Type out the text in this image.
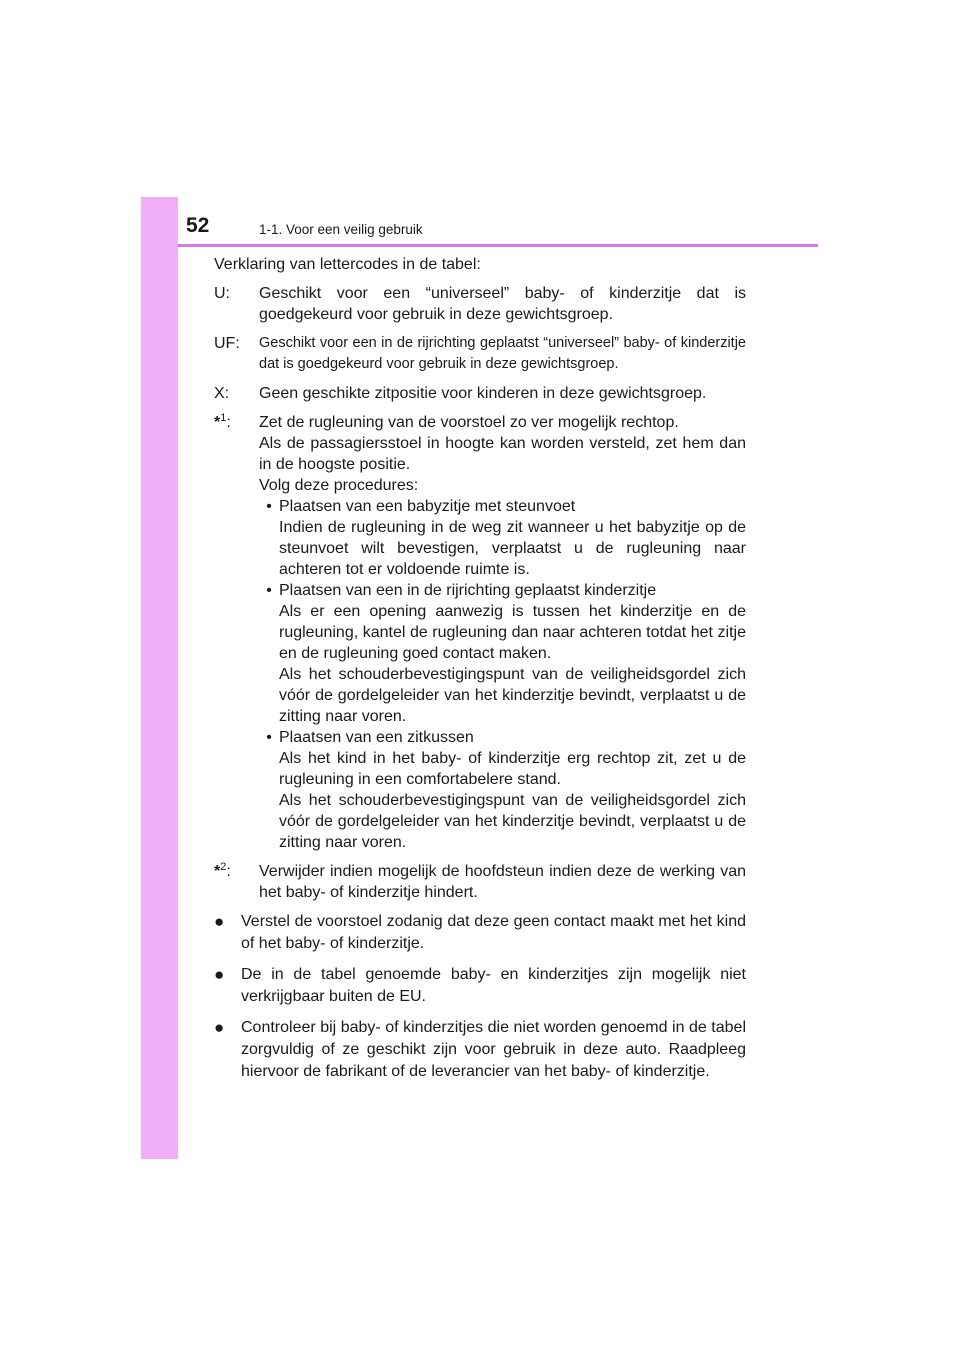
52	1-1. Voor een veilig gebruik

Verklaring van lettercodes in de tabel:

U:	Geschikt voor een “universeel” baby- of kinderzitje dat is goedgekeurd voor gebruik in deze gewichtsgroep.
UF:	Geschikt voor een in de rijrichting geplaatst “universeel” baby- of kinderzitje dat is goedgekeurd voor gebruik in deze gewichtsgroep.
X:	Geen geschikte zitpositie voor kinderen in deze gewichtsgroep.
*$^1$:	Zet de rugleuning van de voorstoel zo ver mogelijk rechtop.

Als de passagiersstoel in hoogte kan worden versteld, zet hem dan in de hoogste positie.

Volg deze procedures:

• Plaatsen van een babyzitje met steunvoet

Indien de rugleuning in de weg zit wanneer u het babyzitje op de steunvoet wilt bevestigen, verplaatst u de rugleuning naar achteren tot er voldoende ruimte is.

• Plaatsen van een in de rijrichting geplaatst kinderzitje

Als er een opening aanwezig is tussen het kinderzitje en de rugleuning, kantel de rugleuning dan naar achteren totdat het zitje en de rugleuning goed contact maken.

Als het schouderbevestigingspunt van de veiligheidsgordel zich vóór de gordelgeleider van het kinderzitje bevindt, verplaatst u de zitting naar voren.

• Plaatsen van een zitkussen

Als het kind in het baby- of kinderzitje erg rechtop zit, zet u de rugleuning in een comfortabelere stand.

Als het schouderbevestigingspunt van de veiligheidsgordel zich vóór de gordelgeleider van het kinderzitje bevindt, verplaatst u de zitting naar voren.

*$^2$:	Verwijder indien mogelijk de hoofdsteun indien deze de werking van het baby- of kinderzitje hindert.
●	Verstel de voorstoel zodanig dat deze geen contact maakt met het kind of het baby- of kinderzitje.
●	De in de tabel genoemde baby- en kinderzitjes zijn mogelijk niet verkrijgbaar buiten de EU.
●	Controleer bij baby- of kinderzitjes die niet worden genoemd in de tabel zorgvuldig of ze geschikt zijn voor gebruik in deze auto. Raadpleeg hiervoor de fabrikant of de leverancier van het baby- of kinderzitje.
